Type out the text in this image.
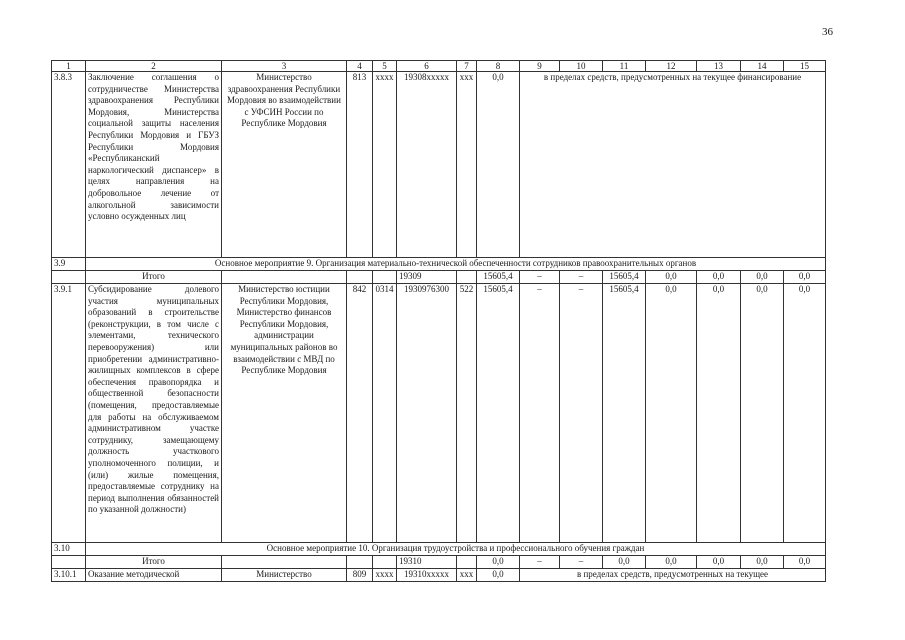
36
1	2	3	4	5	6	7	8	9	10	11	12	13	14	15
3.8.3	Заключение соглашения о сотрудничестве Министерства здравоохранения Республики Мордовия, Министерства социальной защиты населения Республики Мордовия и ГБУЗ Республики Мордовия «Республиканский наркологический диспансер» в целях направления на добровольное лечение от алкогольной зависимости условно осужденных лиц	Министерство здравоохранения Республики Мордовия во взаимодействии с УФСИН России по Республике Мордовия	813	xxxx	19308xxxxx	xxx	0,0	в пределах средств, предусмотренных на текущее финансирование						
3.9	Основное мероприятие 9. Организация материально-технической обеспеченности сотрудников правоохранительных органов													
	Итого				19309		15605,4	–	–	15605,4	0,0	0,0	0,0	0,0
3.9.1	Субсидирование долевого участия муниципальных образований в строительстве (реконструкции, в том числе с элементами, технического перевооружения) или приобретении административно-жилищных комплексов в сфере обеспечения правопорядка и общественной безопасности (помещения, предоставляемые для работы на обслуживаемом административном участке сотруднику, замещающему должность участкового уполномоченного полиции, и (или) жилые помещения, предоставляемые сотруднику на период выполнения обязанностей по указанной должности)	Министерство юстиции Республики Мордовия, Министерство финансов Республики Мордовия, администрации муниципальных районов во взаимодействии с МВД по Республике Мордовия	842	0314	1930976300	522	15605,4	–	–	15605,4	0,0	0,0	0,0	0,0
3.10	Основное мероприятие 10. Организация трудоустройства и профессионального обучения граждан													
	Итого				19310		0,0	–	–	0,0	0,0	0,0	0,0	0,0
3.10.1	Оказание методической	Министерство	809	xxxx	19310xxxxx	xxx	0,0	в пределах средств, предусмотренных на текущее						
